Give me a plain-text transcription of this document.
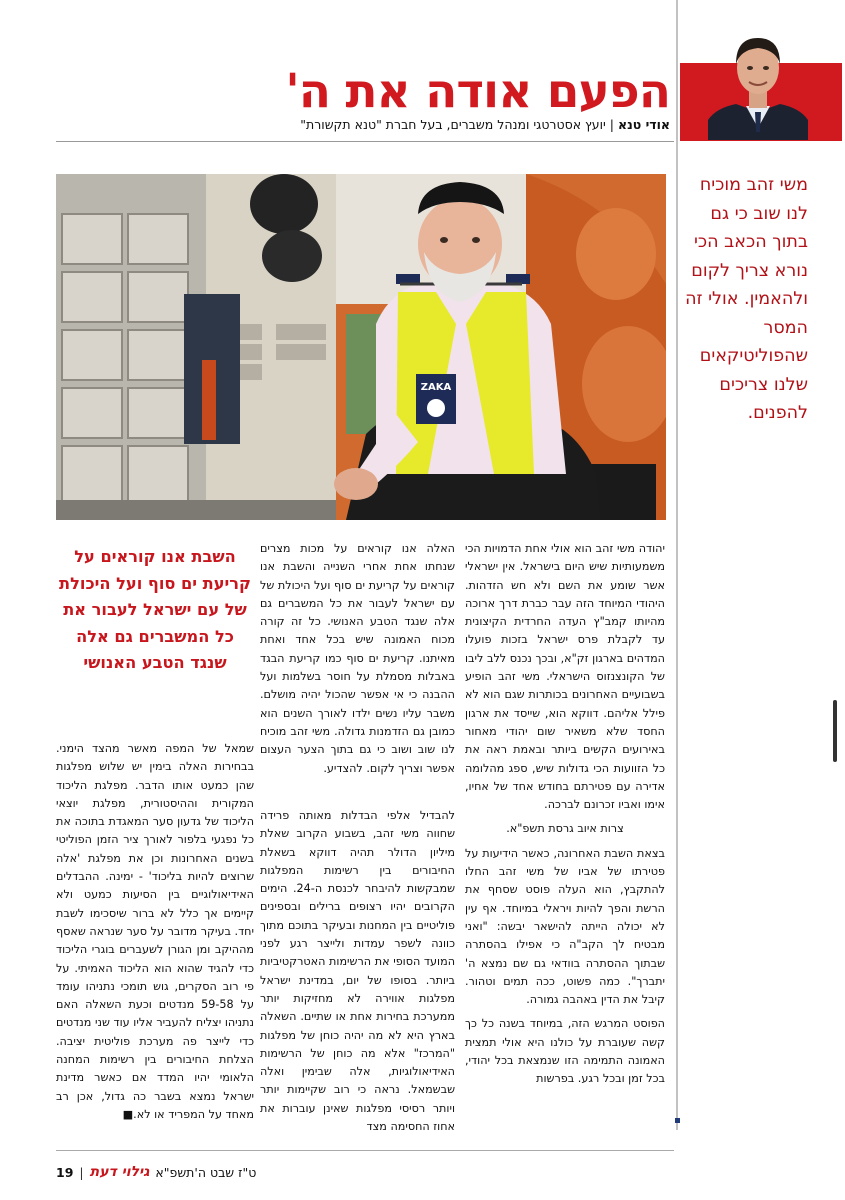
הפעם אודה את ה'
אודי טנא | יועץ אסטרטגי ומנהל משברים, בעל חברת "טנא תקשורת"

משי זהב מוכיח לנו שוב כי גם בתוך הכאב הכי נורא צריך לקום ולהאמין. אולי זה המסר שהפוליטיקאים שלנו צריכים להפנים.

ZAKA

יהודה משי זהב הוא אולי אחת הדמויות הכי משמעותיות שיש היום בישראל. אין ישראלי אשר שומע את השם ולא חש הזדהות. היהודי המיוחד הזה עבר כברת דרך ארוכה מהיותו קמב"ץ העדה החרדית הקיצונית עד לקבלת פרס ישראל בזכות פועלו המדהים בארגון זק"א, ובכך נכנס ללב ליבו של הקונצנזוס הישראלי. משי זהב הופיע בשבועיים האחרונים בכותרות שגם הוא לא פילל אליהם. דווקא הוא, שייסד את ארגון החסד שלא משאיר שום יהודי מאחור באירועים הקשים ביותר ובאמת ראה את כל הזוועות הכי גדולות שיש, ספג מהלומה אדירה עם פטירתם בחודש אחד של אחיו, אימו ואביו זכרונם לברכה.

צרות איוב גרסת תשפ"א.

בצאת השבת האחרונה, כאשר הידיעות על פטירתו של אביו של משי זהב החלו להתקבץ, הוא העלה פוסט שסחף את הרשת והפך להיות ויראלי במיוחד. אף עין לא יכולה הייתה להישאר יבשה: "ואני מבטיח לך הקב"ה כי אפילו בהסתרה שבתוך ההסתרה בוודאי גם שם נמצא ה' יתברך". כמה פשוט, ככה תמים וטהור. קיבל את הדין באהבה גמורה.

הפוסט המרגש הזה, במיוחד בשנה כל כך קשה שעוברת על כולנו היא אולי תמצית האמונה התמימה הזו שנמצאת בכל יהודי, בכל זמן ובכל רגע. בפרשות

האלה אנו קוראים על מכות מצרים שנחתו אחת אחרי השנייה והשבת אנו קוראים על קריעת ים סוף ועל היכולת של עם ישראל לעבור את כל המשברים גם אלה שנגד הטבע האנושי. כל זה קורה מכוח האמונה שיש בכל אחד ואחת מאיתנו. קריעת ים סוף כמו קריעת הבגד באבלות מסמלת על חוסר בשלמות ועל ההבנה כי אי אפשר שהכול יהיה מושלם. משבר עליו נשים ילדו לאורך השנים הוא כמובן גם הזדמנות גדולה. משי זהב מוכיח לנו שוב ושוב כי גם בתוך הצער העצום אפשר וצריך לקום. להצדיע.

להבדיל אלפי הבדלות מאותה פרידה שחווה משי זהב, בשבוע הקרוב שאלת מיליון הדולר תהיה דווקא בשאלת החיבורים בין רשימות המפלגות שמבקשות להיבחר לכנסת ה-24. הימים הקרובים יהיו רצופים ברילים ובספינים פוליטיים בין המחנות ובעיקר בתוכם מתוך כוונה לשפר עמדות ולייצר רגע לפני המועד הסופי את הרשימות האטרקטיביות ביותר. בסופו של יום, במדינת ישראל מפלגות אווירה לא מחזיקות יותר ממערכת בחירות אחת או שתיים. השאלה בארץ היא לא מה יהיה כוחן של מפלגות "המרכז" אלא מה כוחן של הרשימות האידיאולוגיות, אלה שבימין ואלה שבשמאל. נראה כי רוב שקיימות יותר ויותר רסיסי מפלגות שאינן עוברות את אחוז החסימה מצד

השבת אנו קוראים על קריעת ים סוף ועל היכולת של עם ישראל לעבור את כל המשברים גם אלה שנגד הטבע האנושי

שמאל של המפה מאשר מהצד הימני. בבחירות האלה בימין יש שלוש מפלגות שהן כמעט אותו הדבר. מפלגת הליכוד המקורית וההיסטורית, מפלגת יוצאי הליכוד של גדעון סער המאגדת בתוכה את כל נפגעי בלפור לאורך ציר הזמן הפוליטי בשנים האחרונות וכן את מפלגת 'אלה שרוצים להיות בליכוד' - ימינה. ההבדלים האידיאולוגיים בין הסיעות כמעט ולא קיימים אך כלל לא ברור שיסכימו לשבת יחד. בעיקר מדובר על סער שנראה שאסף מההיקב ומן הגורן לשעברים בוגרי הליכוד כדי להגיד שהוא הוא הליכוד האמיתי. על פי רוב הסקרים, גוש תומכי נתניהו עומד על 59-58 מנדטים וכעת השאלה האם נתניהו יצליח להעביר אליו עוד שני מנדטים כדי לייצר פה מערכת פוליטית יציבה. הצלחת החיבורים בין רשימות המחנה הלאומי יהיו המדד אם כאשר מדינת ישראל נמצא בשבר כה גדול, אכן רב מאחד על המפריד או לא.■

19 | גילוי דעת ט"ז שבט ה'תשפ"א
